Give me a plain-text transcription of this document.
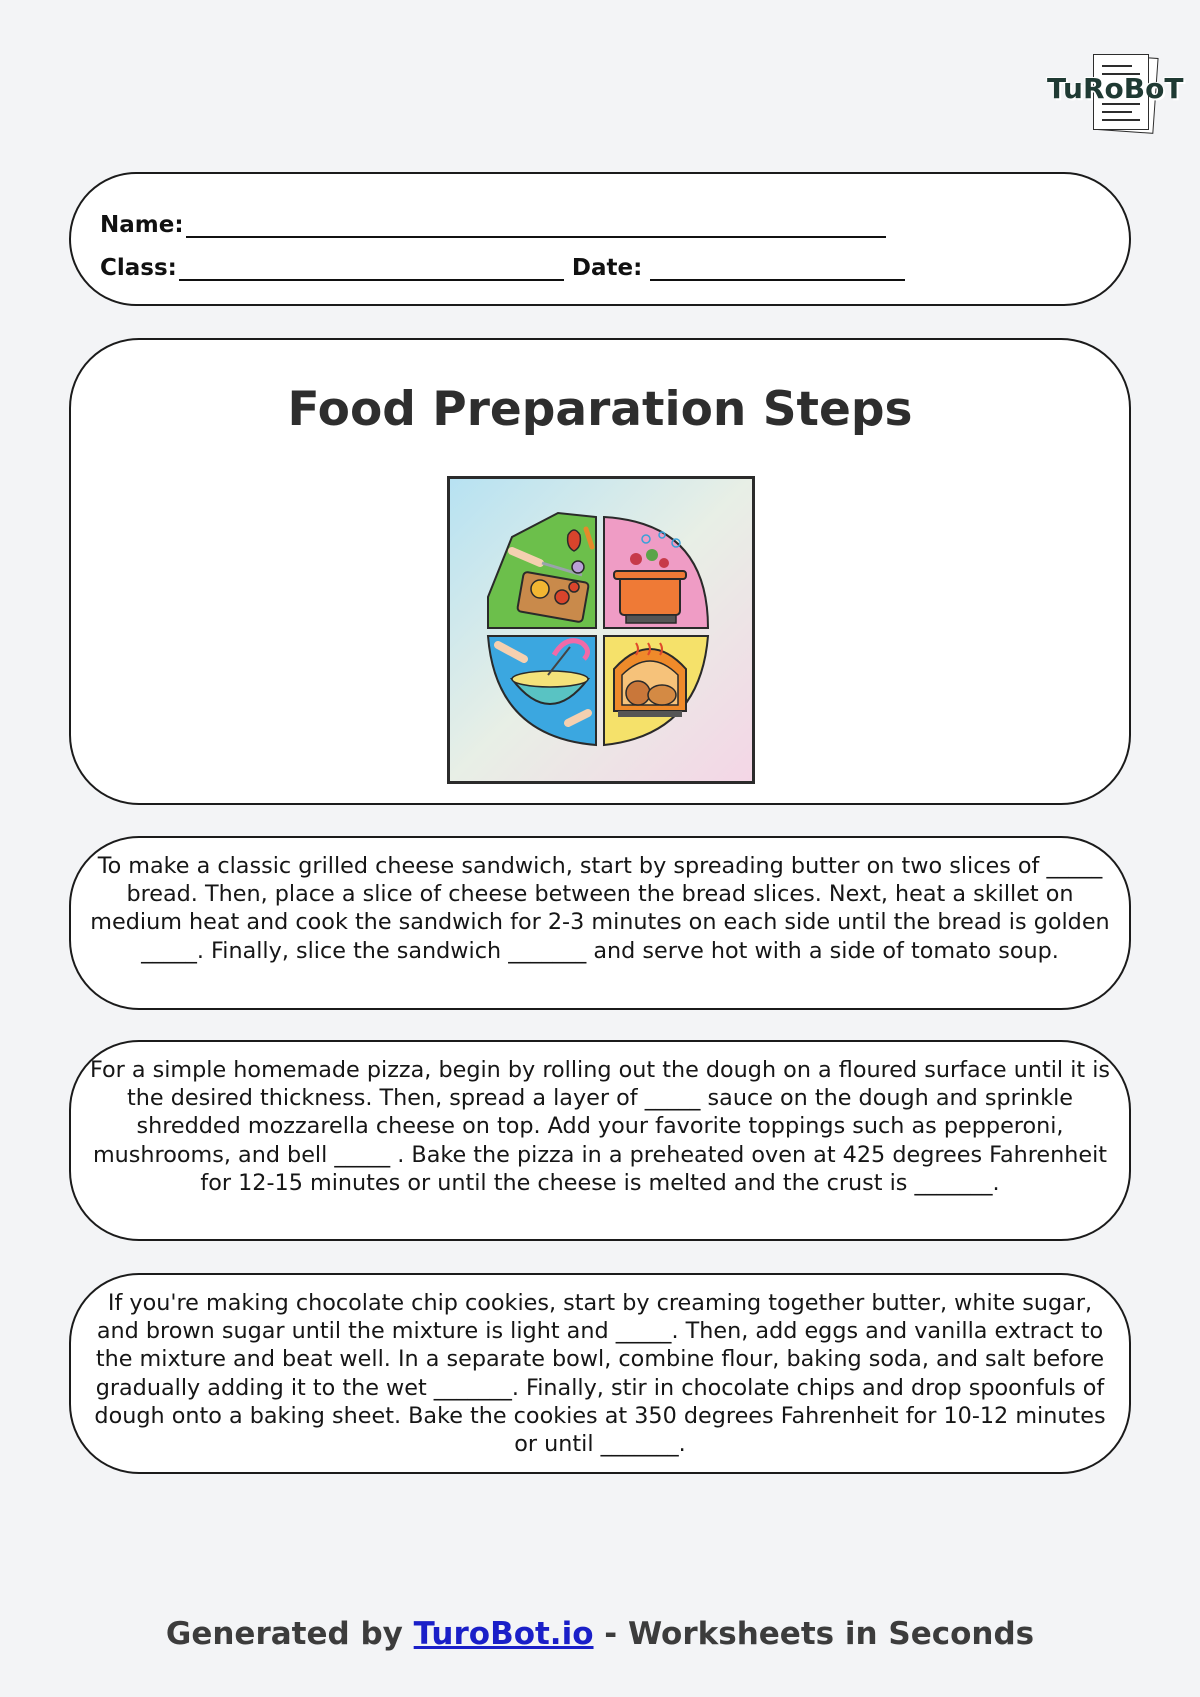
TuRoBoT
Name:
Class:	Date:
Food Preparation Steps
To make a classic grilled cheese sandwich, start by spreading butter on two slices of _____ bread. Then, place a slice of cheese between the bread slices. Next, heat a skillet on medium heat and cook the sandwich for 2-3 minutes on each side until the bread is golden _____. Finally, slice the sandwich _______ and serve hot with a side of tomato soup.
For a simple homemade pizza, begin by rolling out the dough on a floured surface until it is the desired thickness. Then, spread a layer of _____ sauce on the dough and sprinkle shredded mozzarella cheese on top. Add your favorite toppings such as pepperoni, mushrooms, and bell _____ . Bake the pizza in a preheated oven at 425 degrees Fahrenheit for 12-15 minutes or until the cheese is melted and the crust is _______.
If you're making chocolate chip cookies, start by creaming together butter, white sugar, and brown sugar until the mixture is light and _____. Then, add eggs and vanilla extract to the mixture and beat well. In a separate bowl, combine flour, baking soda, and salt before gradually adding it to the wet _______. Finally, stir in chocolate chips and drop spoonfuls of dough onto a baking sheet. Bake the cookies at 350 degrees Fahrenheit for 10-12 minutes or until _______.
Generated by TuroBot.io - Worksheets in Seconds
